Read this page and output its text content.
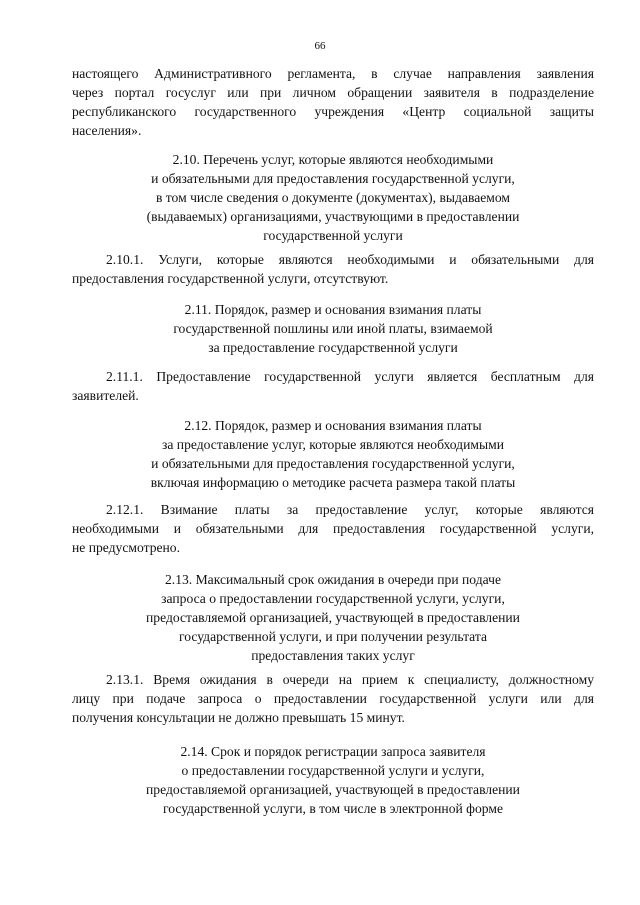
66
настоящего Административного регламента, в случае направления заявления
через портал госуслуг или при личном обращении заявителя в подразделение
республиканского государственного учреждения «Центр социальной защиты
населения».
2.10. Перечень услуг, которые являются необходимыми
и обязательными для предоставления государственной услуги,
в том числе сведения о документе (документах), выдаваемом
(выдаваемых) организациями, участвующими в предоставлении
государственной услуги
2.10.1. Услуги, которые являются необходимыми и обязательными для
предоставления государственной услуги, отсутствуют.
2.11. Порядок, размер и основания взимания платы
государственной пошлины или иной платы, взимаемой
за предоставление государственной услуги
2.11.1. Предоставление государственной услуги является бесплатным для
заявителей.
2.12. Порядок, размер и основания взимания платы
за предоставление услуг, которые являются необходимыми
и обязательными для предоставления государственной услуги,
включая информацию о методике расчета размера такой платы
2.12.1. Взимание платы за предоставление услуг, которые являются
необходимыми и обязательными для предоставления государственной услуги,
не предусмотрено.
2.13. Максимальный срок ожидания в очереди при подаче
запроса о предоставлении государственной услуги, услуги,
предоставляемой организацией, участвующей в предоставлении
государственной услуги, и при получении результата
предоставления таких услуг
2.13.1. Время ожидания в очереди на прием к специалисту, должностному
лицу при подаче запроса о предоставлении государственной услуги или для
получения консультации не должно превышать 15 минут.
2.14. Срок и порядок регистрации запроса заявителя
о предоставлении государственной услуги и услуги,
предоставляемой организацией, участвующей в предоставлении
государственной услуги, в том числе в электронной форме
